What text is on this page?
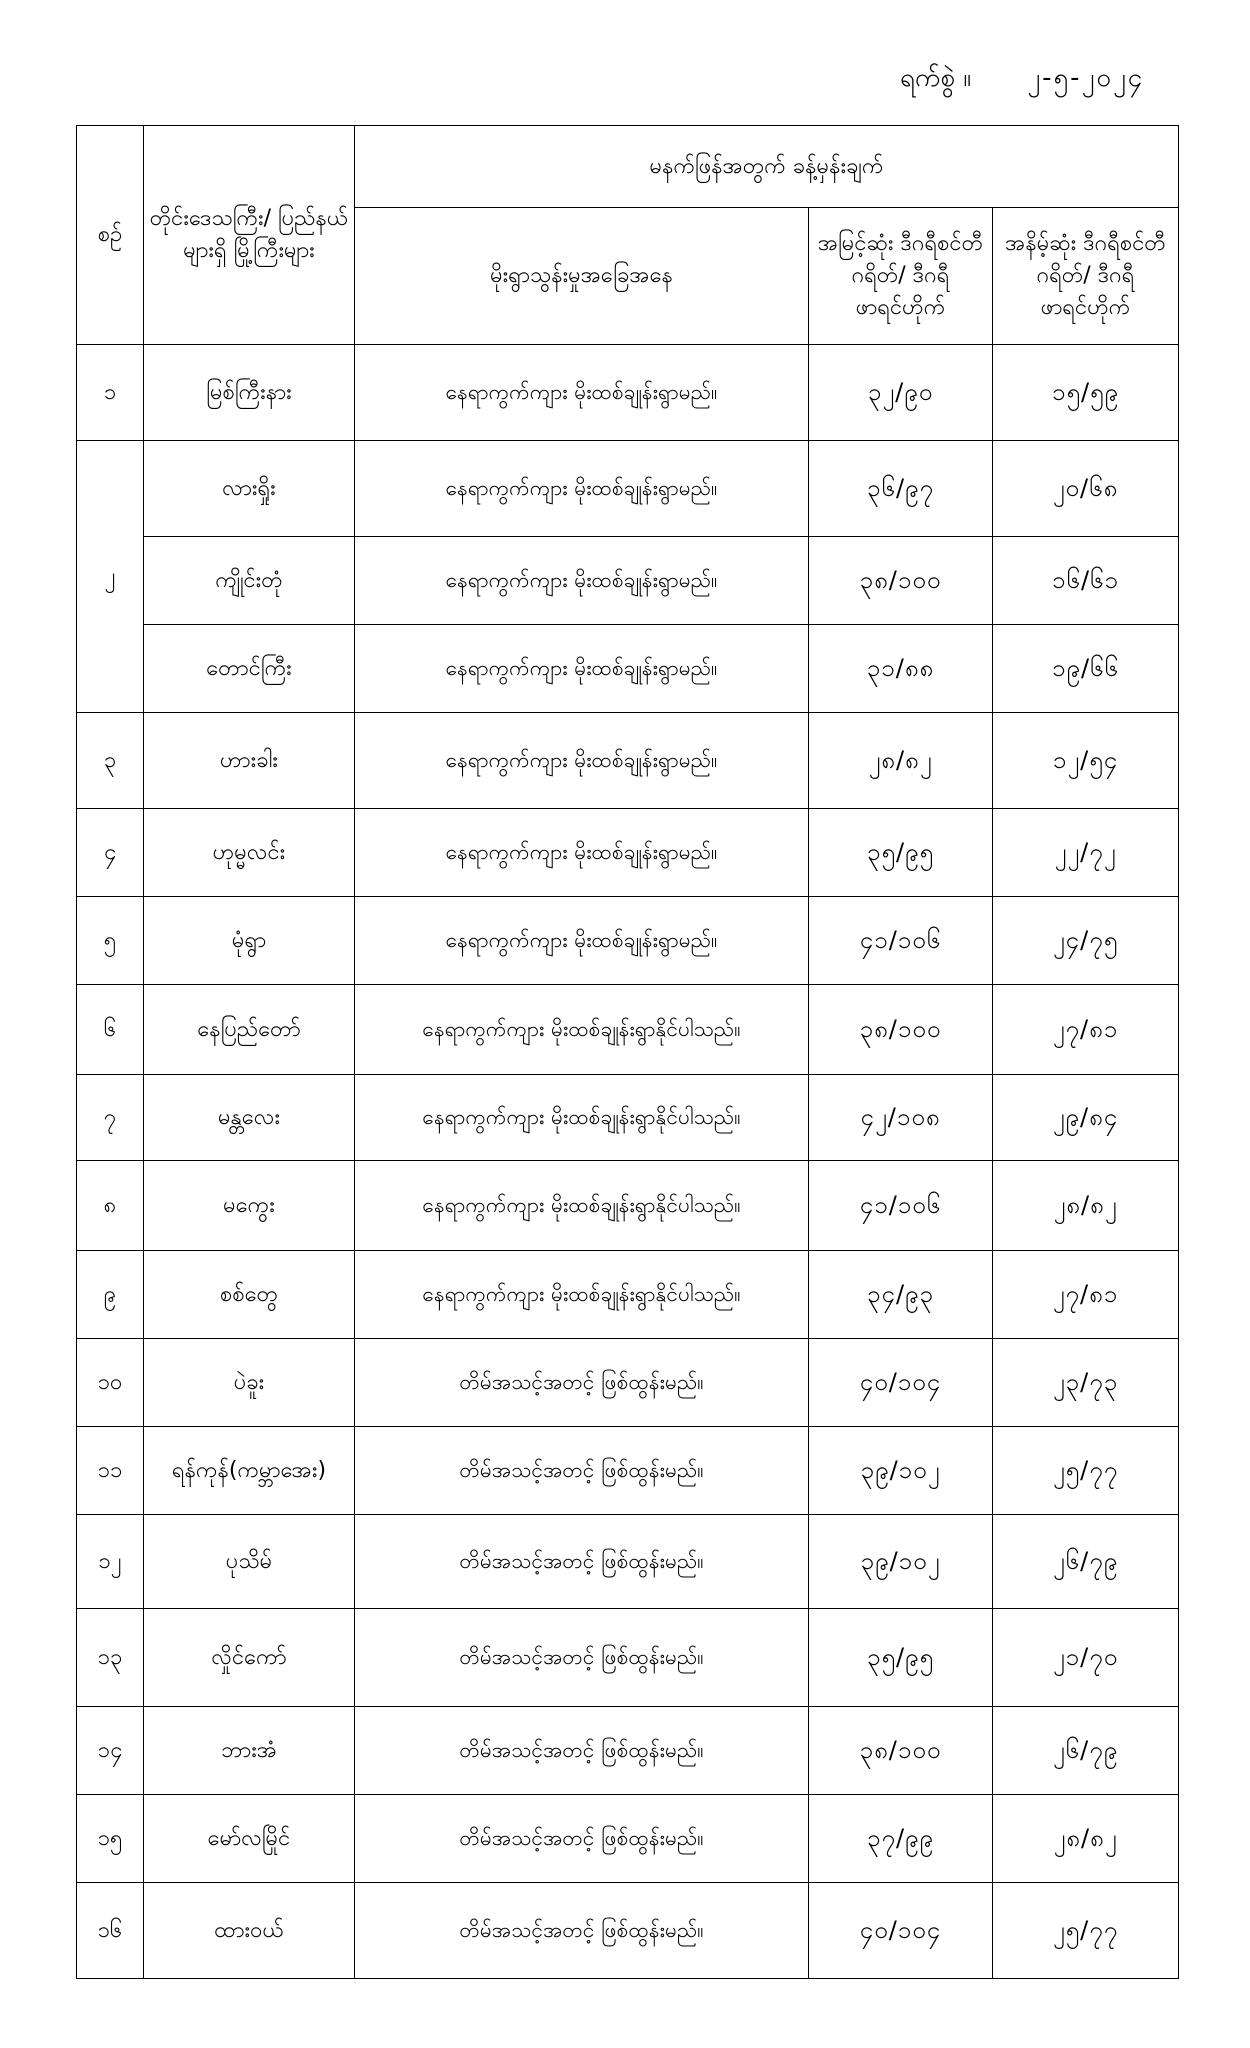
ရက်စွဲ ။ ၂-၅-၂၀၂၄
စဉ်	တိုင်းဒေသကြီး/ ပြည်နယ်များရှိ မြို့ကြီးများ	မနက်ဖြန်အတွက် ခန့်မှန်းချက်		
		မိုးရွာသွန်းမှုအခြေအနေ	အမြင့်ဆုံး ဒီဂရီစင်တီဂရိတ်/ ဒီဂရီဖာရင်ဟိုက်	အနိမ့်ဆုံး ဒီဂရီစင်တီဂရိတ်/ ဒီဂရီဖာရင်ဟိုက်
၁	မြစ်ကြီးနား	နေရာကွက်ကျား မိုးထစ်ချုန်းရွာမည်။	၃၂/၉၀	၁၅/၅၉
၂	လားရှိုး	နေရာကွက်ကျား မိုးထစ်ချုန်းရွာမည်။	၃၆/၉၇	၂၀/၆၈
	ကျိုင်းတုံ	နေရာကွက်ကျား မိုးထစ်ချုန်းရွာမည်။	၃၈/၁၀၀	၁၆/၆၁
	တောင်ကြီး	နေရာကွက်ကျား မိုးထစ်ချုန်းရွာမည်။	၃၁/၈၈	၁၉/၆၆
၃	ဟားခါး	နေရာကွက်ကျား မိုးထစ်ချုန်းရွာမည်။	၂၈/၈၂	၁၂/၅၄
၄	ဟုမ္မလင်း	နေရာကွက်ကျား မိုးထစ်ချုန်းရွာမည်။	၃၅/၉၅	၂၂/၇၂
၅	မုံရွာ	နေရာကွက်ကျား မိုးထစ်ချုန်းရွာမည်။	၄၁/၁၀၆	၂၄/၇၅
၆	နေပြည်တော်	နေရာကွက်ကျား မိုးထစ်ချုန်းရွာနိုင်ပါသည်။	၃၈/၁၀၀	၂၇/၈၁
၇	မန္တလေး	နေရာကွက်ကျား မိုးထစ်ချုန်းရွာနိုင်ပါသည်။	၄၂/၁၀၈	၂၉/၈၄
၈	မကွေး	နေရာကွက်ကျား မိုးထစ်ချုန်းရွာနိုင်ပါသည်။	၄၁/၁၀၆	၂၈/၈၂
၉	စစ်တွေ	နေရာကွက်ကျား မိုးထစ်ချုန်းရွာနိုင်ပါသည်။	၃၄/၉၃	၂၇/၈၁
၁၀	ပဲခူး	တိမ်အသင့်အတင့် ဖြစ်ထွန်းမည်။	၄၀/၁၀၄	၂၃/၇၃
၁၁	ရန်ကုန်(ကမ္ဘာအေး)	တိမ်အသင့်အတင့် ဖြစ်ထွန်းမည်။	၃၉/၁၀၂	၂၅/၇၇
၁၂	ပုသိမ်	တိမ်အသင့်အတင့် ဖြစ်ထွန်းမည်။	၃၉/၁၀၂	၂၆/၇၉
၁၃	လှိုင်ကော်	တိမ်အသင့်အတင့် ဖြစ်ထွန်းမည်။	၃၅/၉၅	၂၁/၇၀
၁၄	ဘားအံ	တိမ်အသင့်အတင့် ဖြစ်ထွန်းမည်။	၃၈/၁၀၀	၂၆/၇၉
၁၅	မော်လမြိုင်	တိမ်အသင့်အတင့် ဖြစ်ထွန်းမည်။	၃၇/၉၉	၂၈/၈၂
၁၆	ထားဝယ်	တိမ်အသင့်အတင့် ဖြစ်ထွန်းမည်။	၄၀/၁၀၄	၂၅/၇၇
